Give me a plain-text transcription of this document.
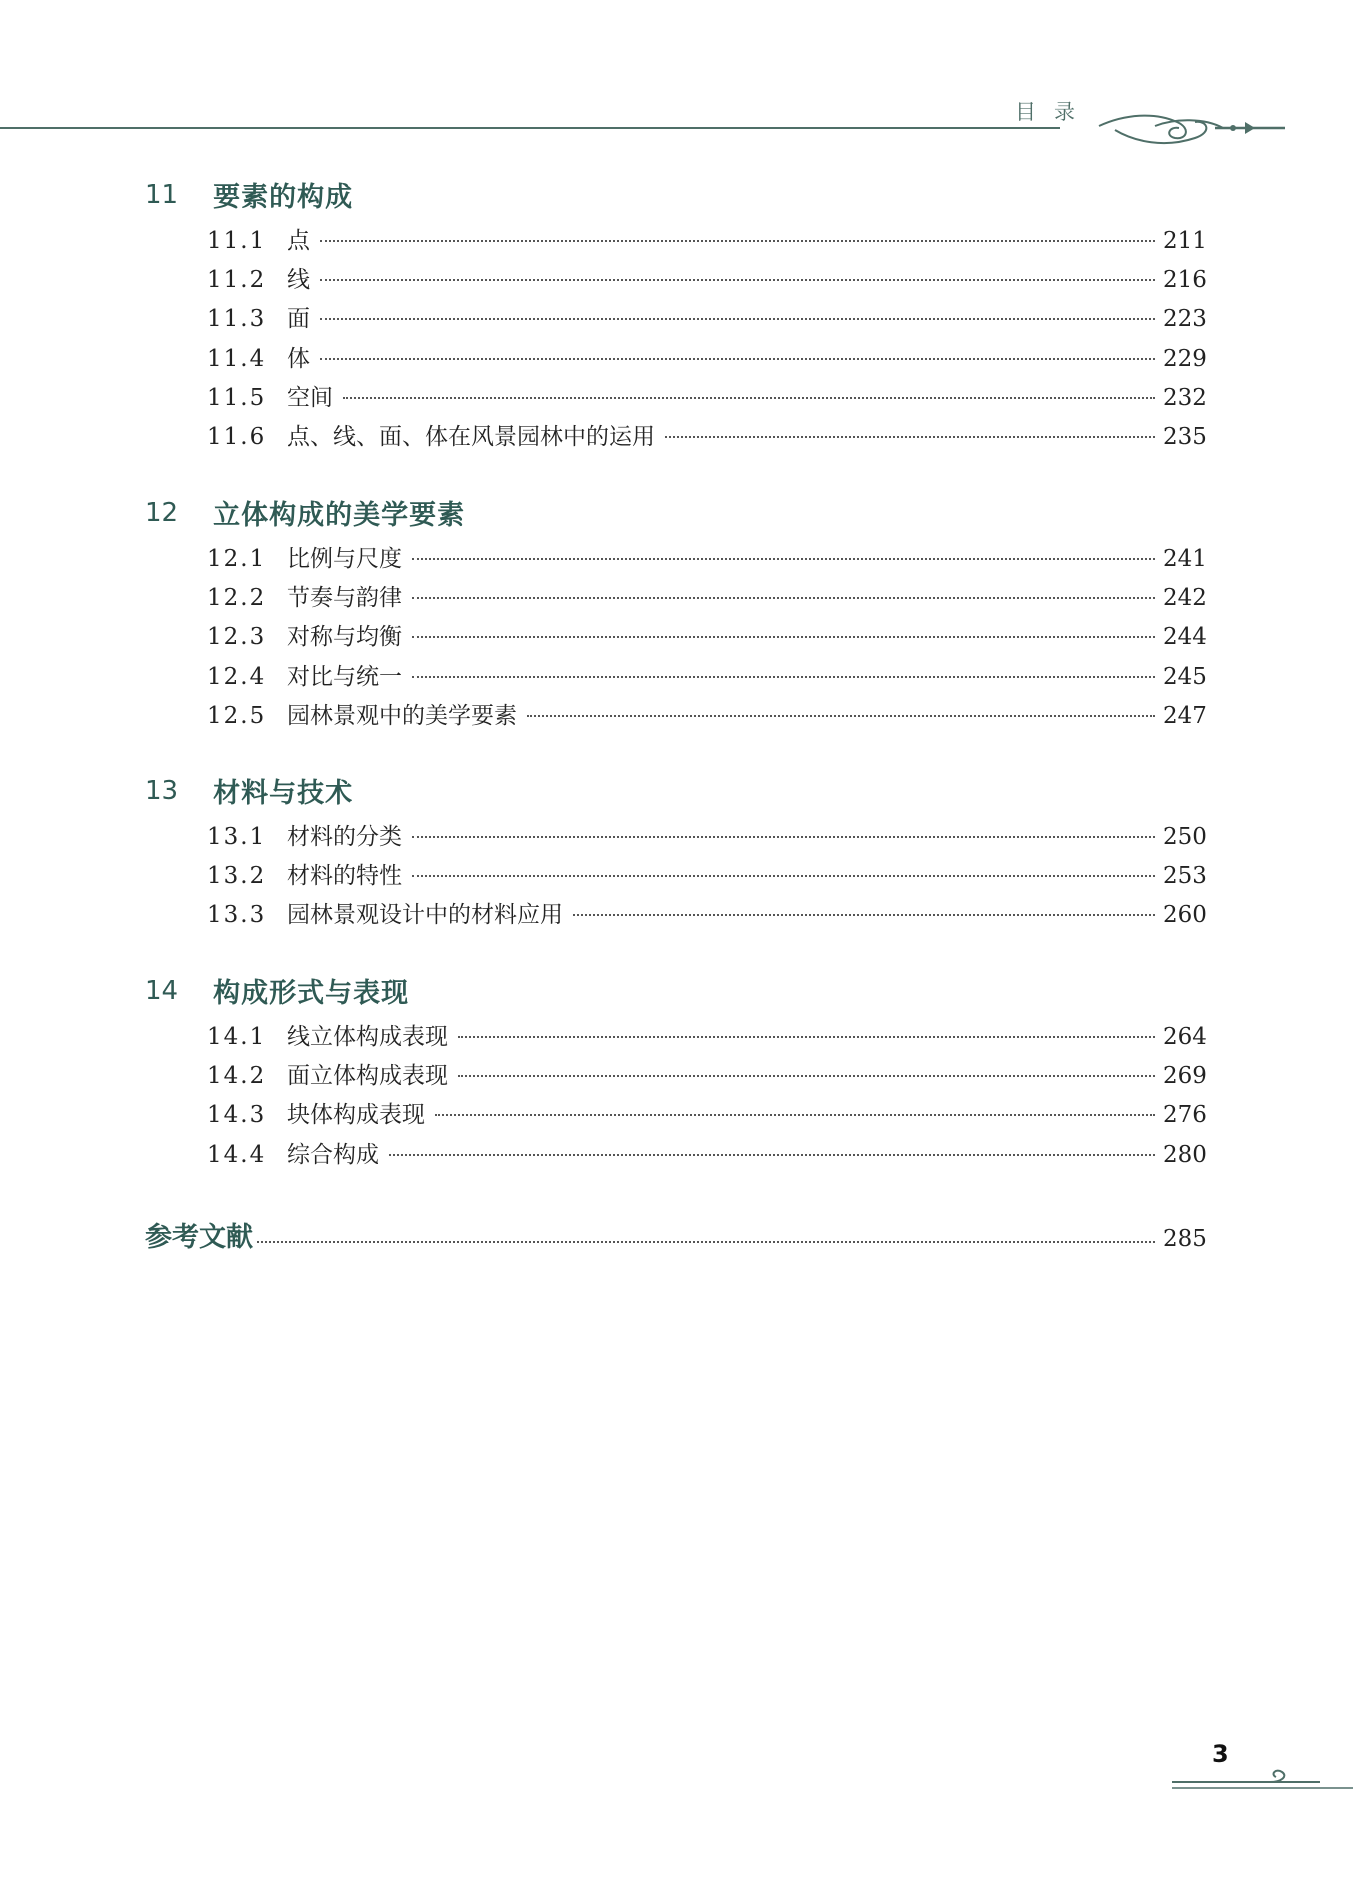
目录
11 要素的构成
11.1 点	211
11.2 线	216
11.3 面	223
11.4 体	229
11.5 空间	232
11.6 点、线、面、体在风景园林中的运用	235
12 立体构成的美学要素
12.1 比例与尺度	241
12.2 节奏与韵律	242
12.3 对称与均衡	244
12.4 对比与统一	245
12.5 园林景观中的美学要素	247
13 材料与技术
13.1 材料的分类	250
13.2 材料的特性	253
13.3 园林景观设计中的材料应用	260
14 构成形式与表现
14.1 线立体构成表现	264
14.2 面立体构成表现	269
14.3 块体构成表现	276
14.4 综合构成	280
参考文献	285
3
